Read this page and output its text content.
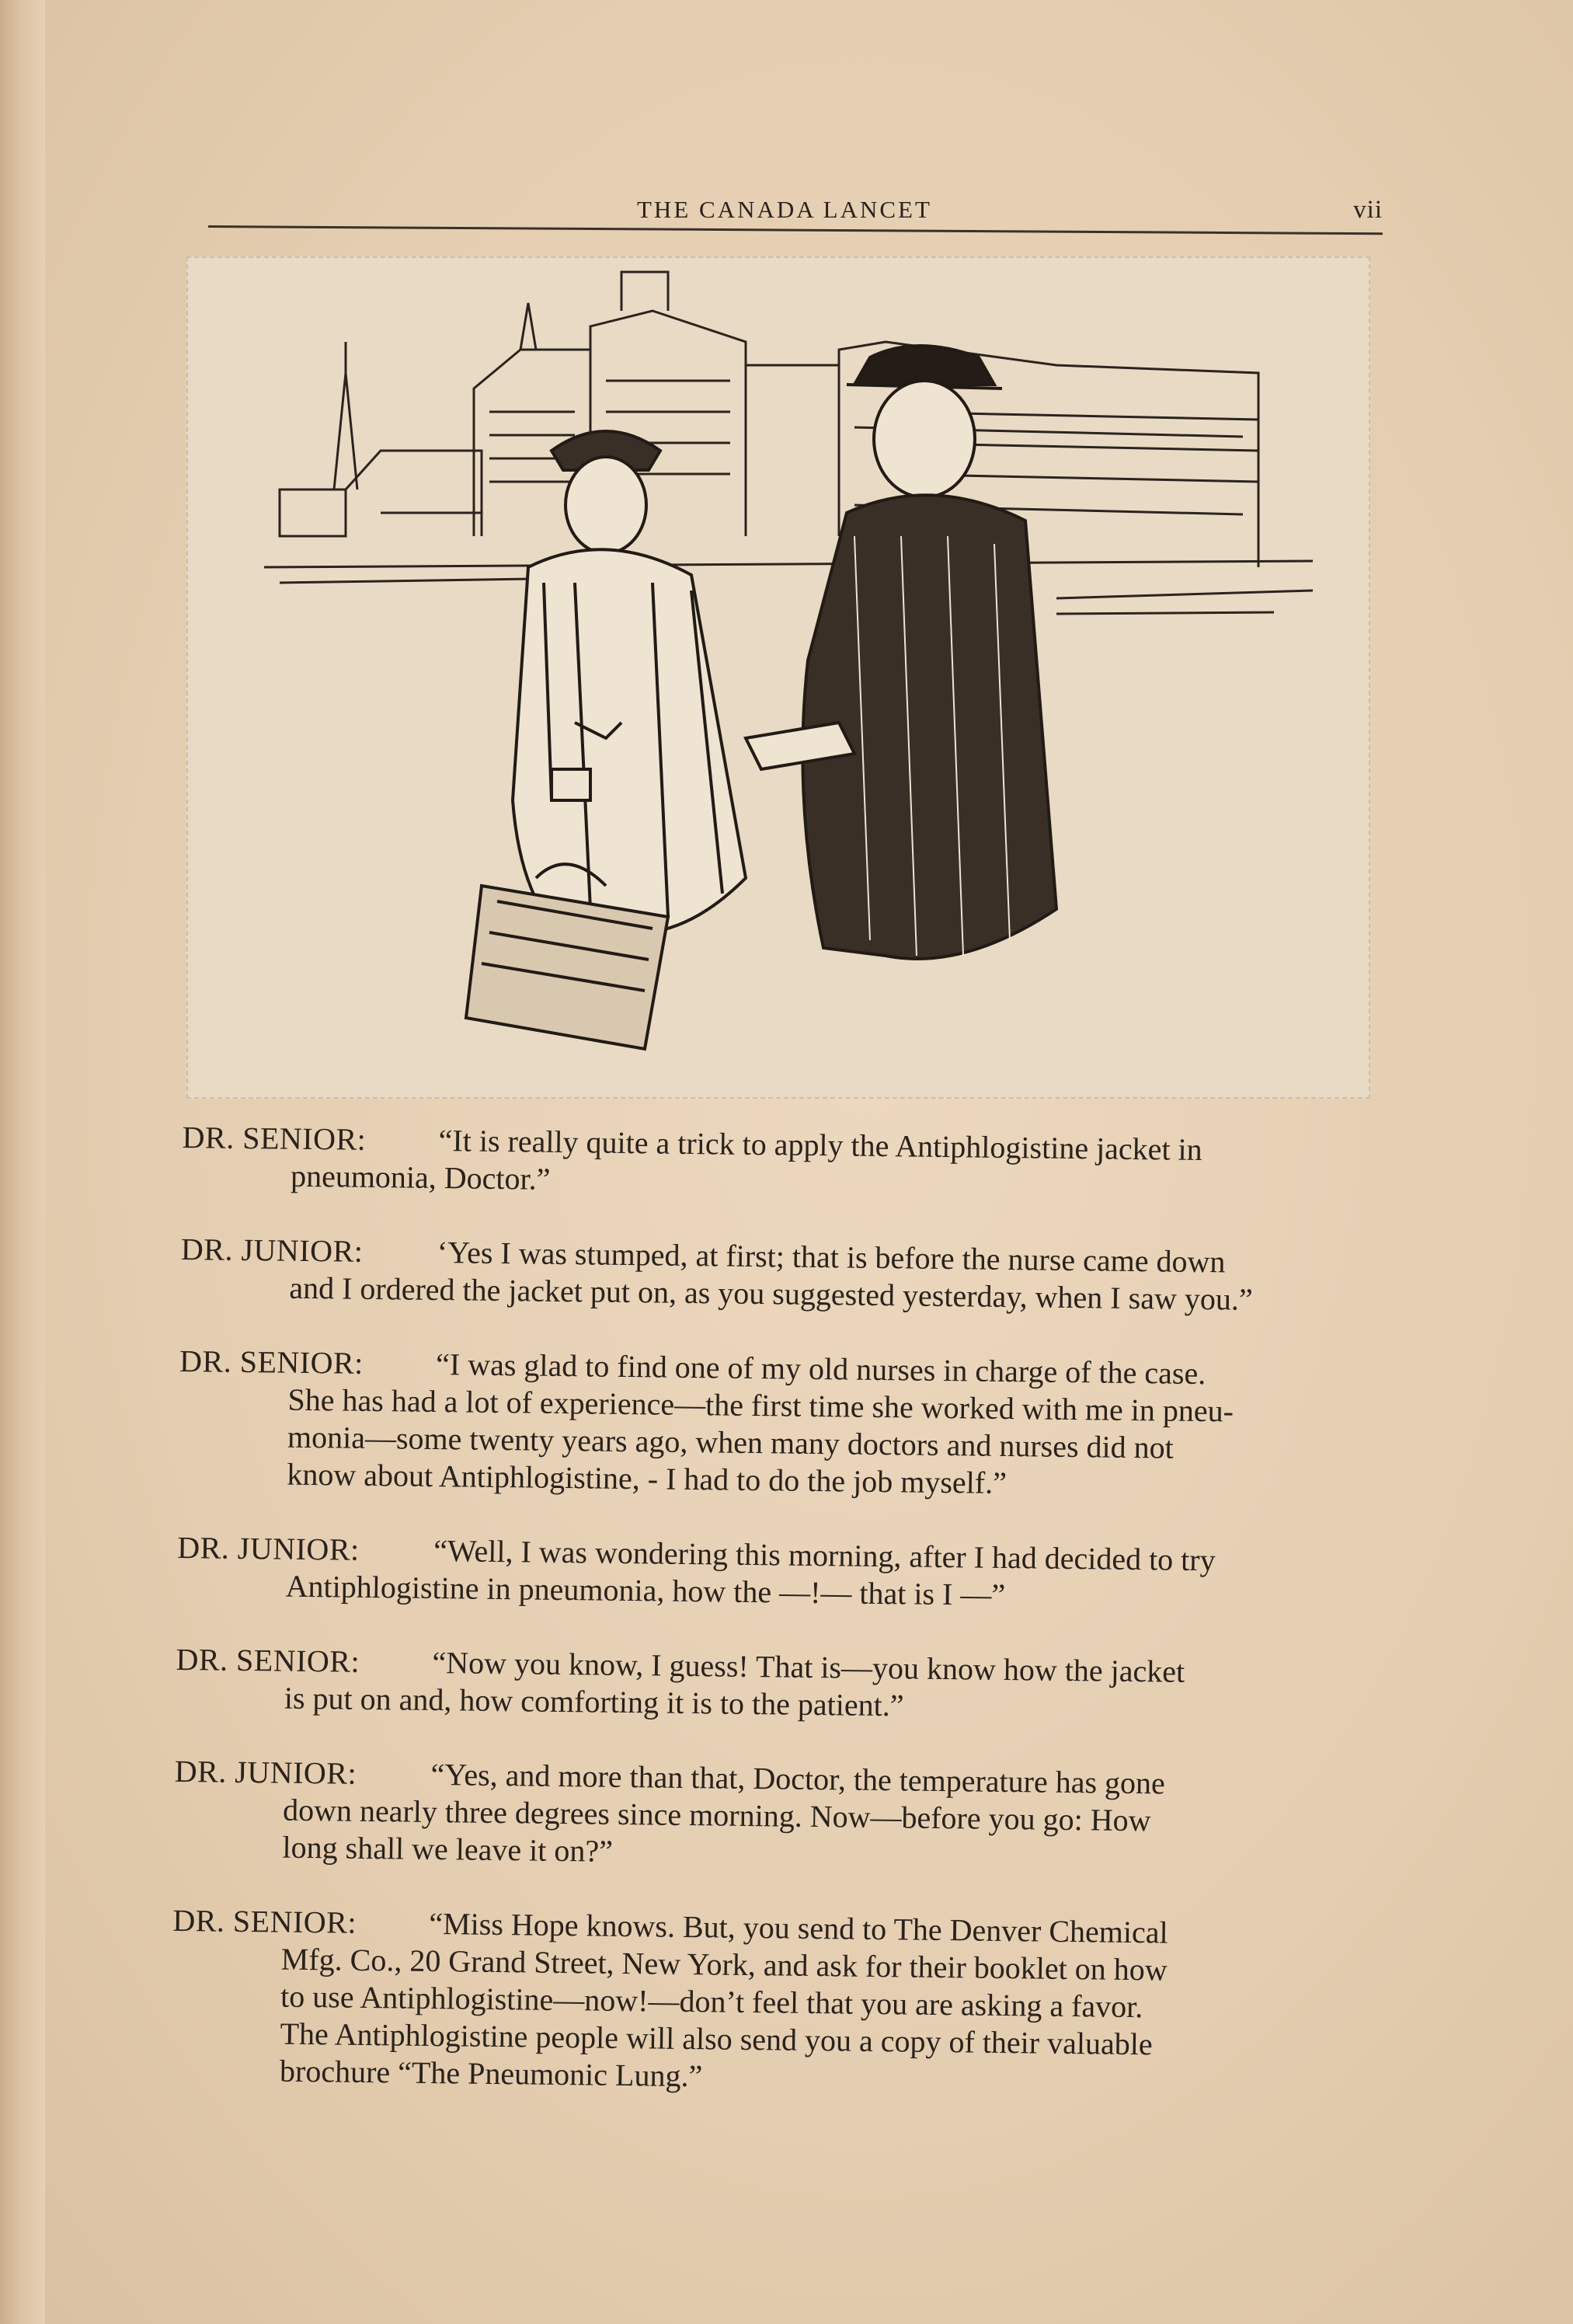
THE CANADA LANCET	vii
DR. SENIOR:	“It is really quite a trick to apply the Antiphlogistine jacket in
pneumonia, Doctor.”
DR. JUNIOR:	‘Yes I was stumped, at first; that is before the nurse came down
and I ordered the jacket put on, as you suggested yesterday, when I saw you.”
DR. SENIOR:	“I was glad to find one of my old nurses in charge of the case.
She has had a lot of experience—the first time she worked with me in pneu-
monia—some twenty years ago, when many doctors and nurses did not
know about Antiphlogistine, - I had to do the job myself.”
DR. JUNIOR:	“Well, I was wondering this morning, after I had decided to try
Antiphlogistine in pneumonia, how the —!— that is I —”
DR. SENIOR:	“Now you know, I guess! That is—you know how the jacket
is put on and, how comforting it is to the patient.”
DR. JUNIOR:	“Yes, and more than that, Doctor, the temperature has gone
down nearly three degrees since morning. Now—before you go: How
long shall we leave it on?”
DR. SENIOR:	“Miss Hope knows. But, you send to The Denver Chemical
Mfg. Co., 20 Grand Street, New York, and ask for their booklet on how
to use Antiphlogistine—now!—don’t feel that you are asking a favor.
The Antiphlogistine people will also send you a copy of their valuable
brochure “The Pneumonic Lung.”
